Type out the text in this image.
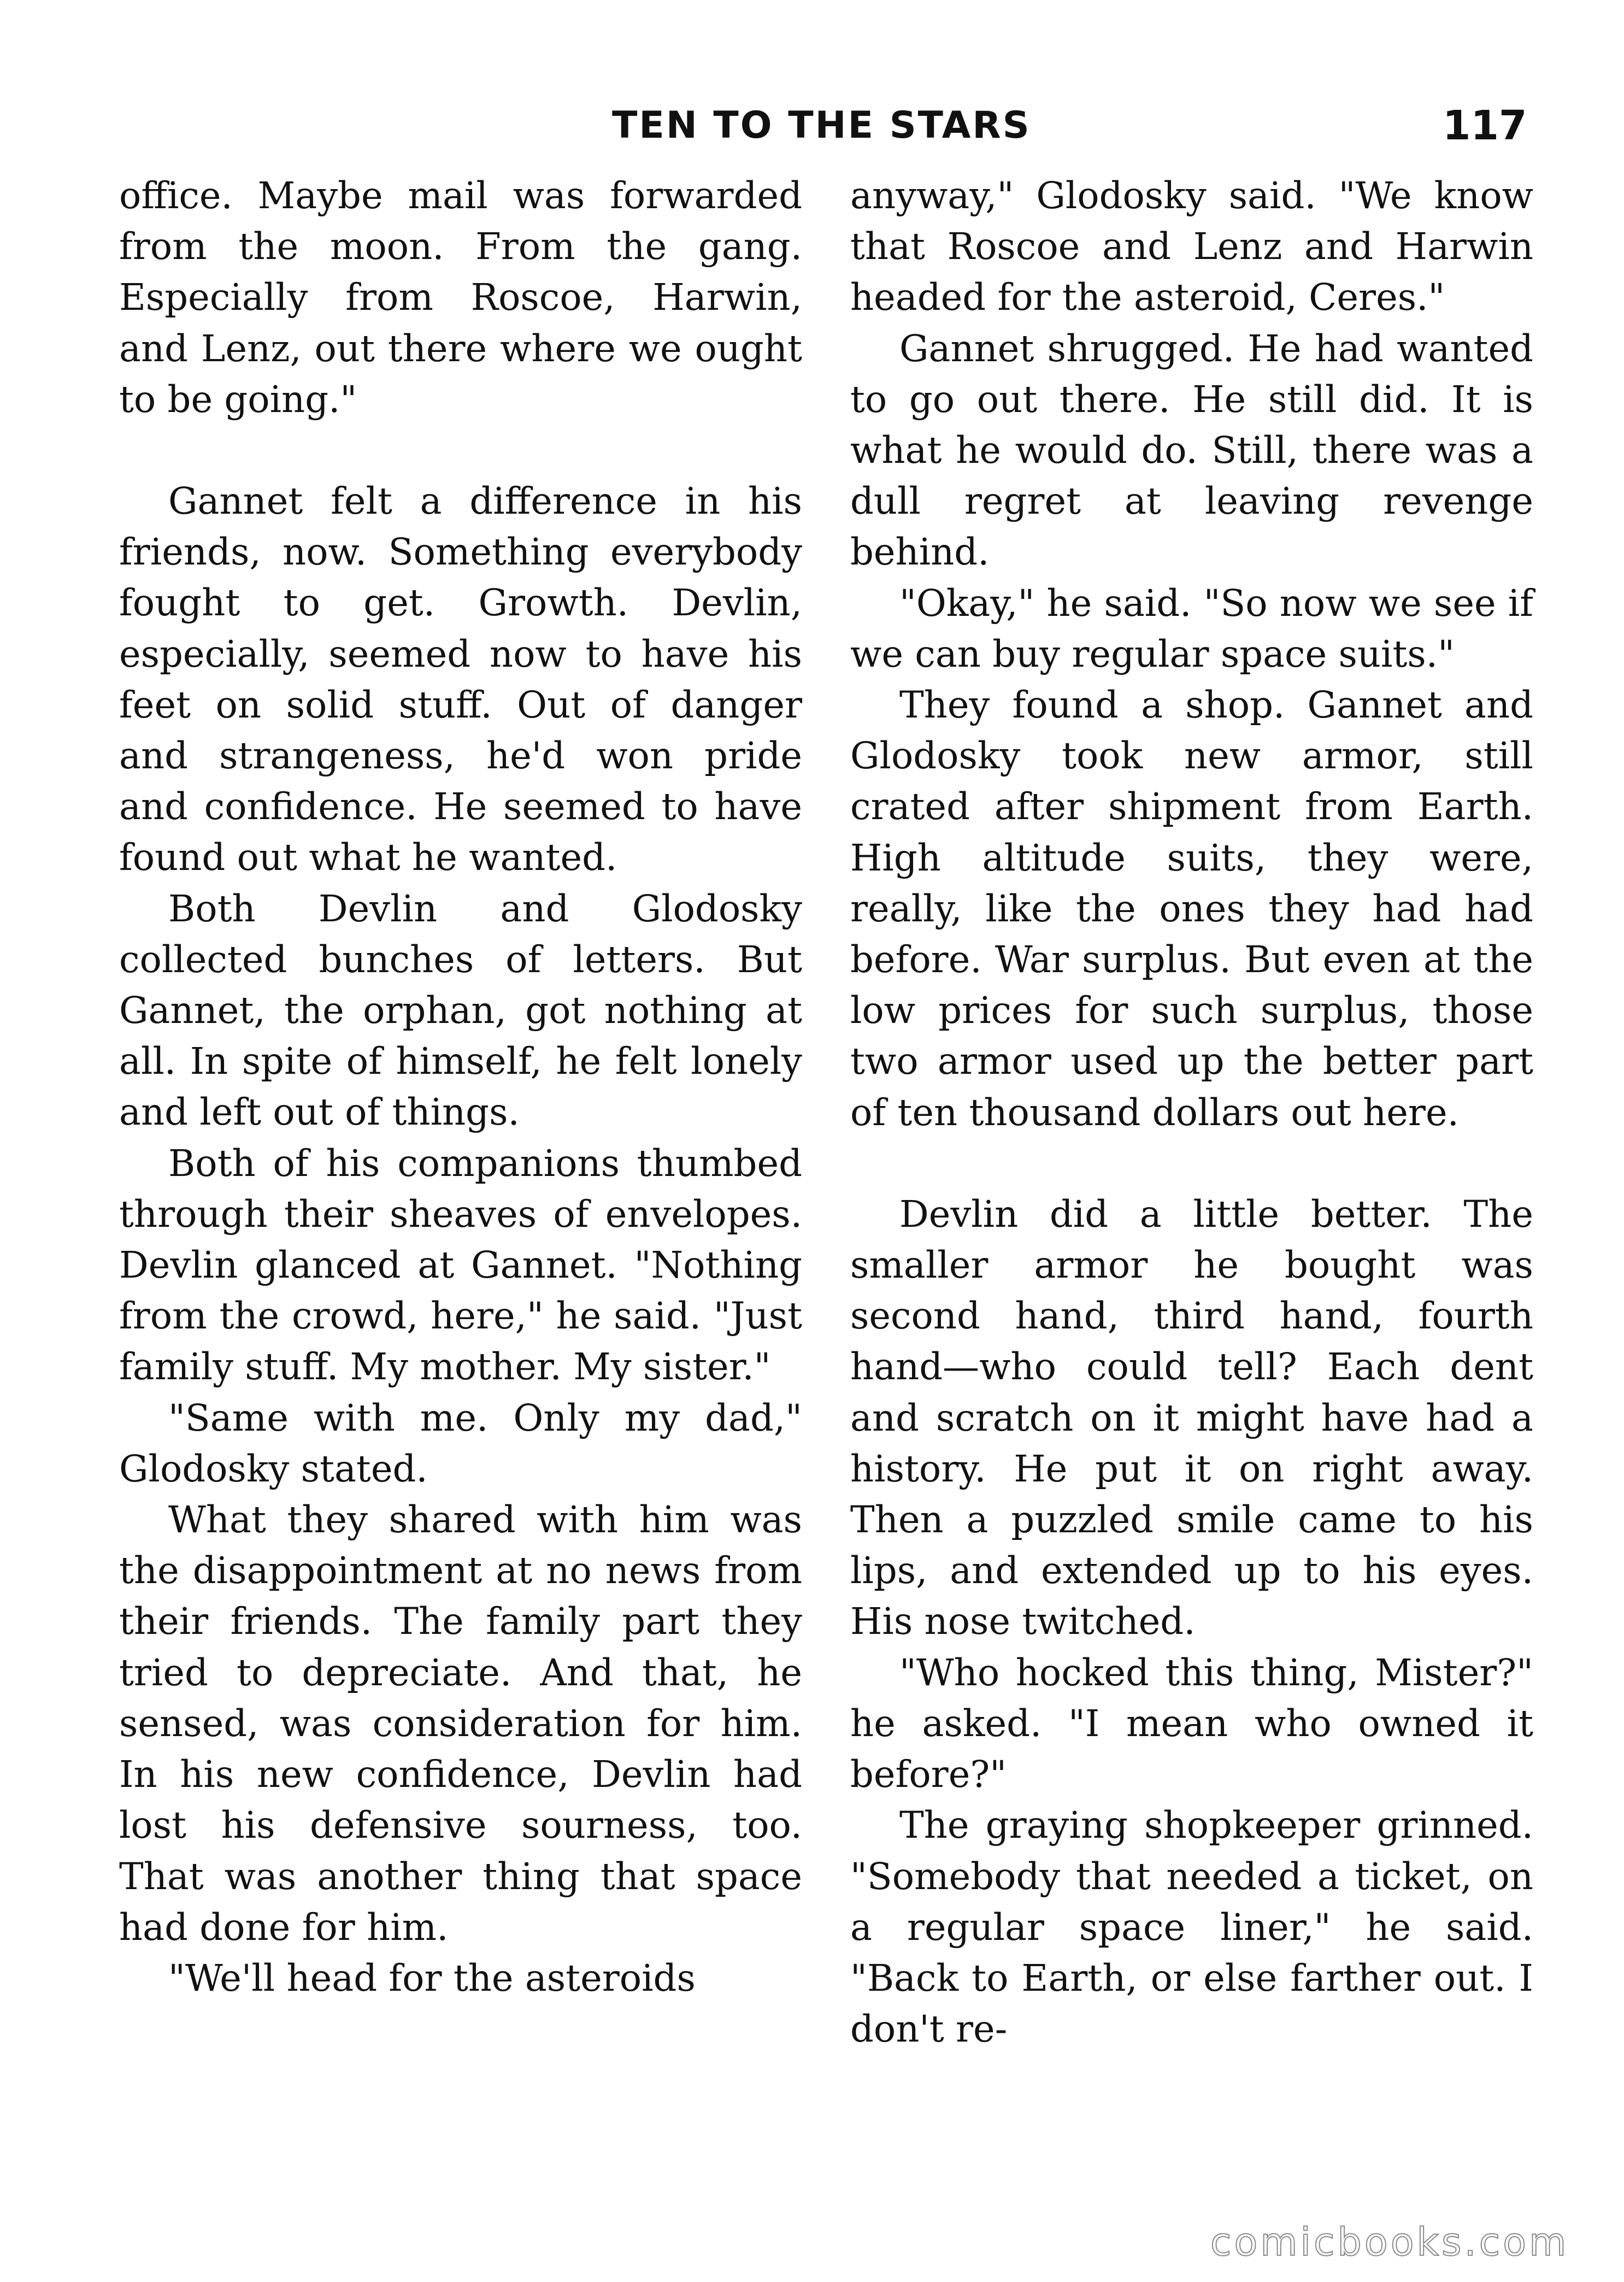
TEN TO THE STARS	117

office. Maybe mail was forwarded from the moon. From the gang. Especially from Roscoe, Harwin, and Lenz, out there where we ought to be going."

Gannet felt a difference in his friends, now. Something everybody fought to get. Growth. Devlin, especially, seemed now to have his feet on solid stuff. Out of danger and strangeness, he'd won pride and confidence. He seemed to have found out what he wanted.

Both Devlin and Glodosky collected bunches of letters. But Gannet, the orphan, got nothing at all. In spite of himself, he felt lonely and left out of things.

Both of his companions thumbed through their sheaves of envelopes. Devlin glanced at Gannet. "Nothing from the crowd, here," he said. "Just family stuff. My mother. My sister."

"Same with me. Only my dad," Glodosky stated.

What they shared with him was the disappointment at no news from their friends. The family part they tried to depreciate. And that, he sensed, was consideration for him. In his new confidence, Devlin had lost his defensive sourness, too. That was another thing that space had done for him.

"We'll head for the asteroids

anyway," Glodosky said. "We know that Roscoe and Lenz and Harwin headed for the asteroid, Ceres."

Gannet shrugged. He had wanted to go out there. He still did. It is what he would do. Still, there was a dull regret at leaving revenge behind.

"Okay," he said. "So now we see if we can buy regular space suits."

They found a shop. Gannet and Glodosky took new armor, still crated after shipment from Earth. High altitude suits, they were, really, like the ones they had had before. War surplus. But even at the low prices for such surplus, those two armor used up the better part of ten thousand dollars out here.

Devlin did a little better. The smaller armor he bought was second hand, third hand, fourth hand—who could tell? Each dent and scratch on it might have had a history. He put it on right away. Then a puzzled smile came to his lips, and extended up to his eyes. His nose twitched.

"Who hocked this thing, Mister?" he asked. "I mean who owned it before?"

The graying shopkeeper grinned. "Somebody that needed a ticket, on a regular space liner," he said. "Back to Earth, or else farther out. I don't re-

comicbooks.com
